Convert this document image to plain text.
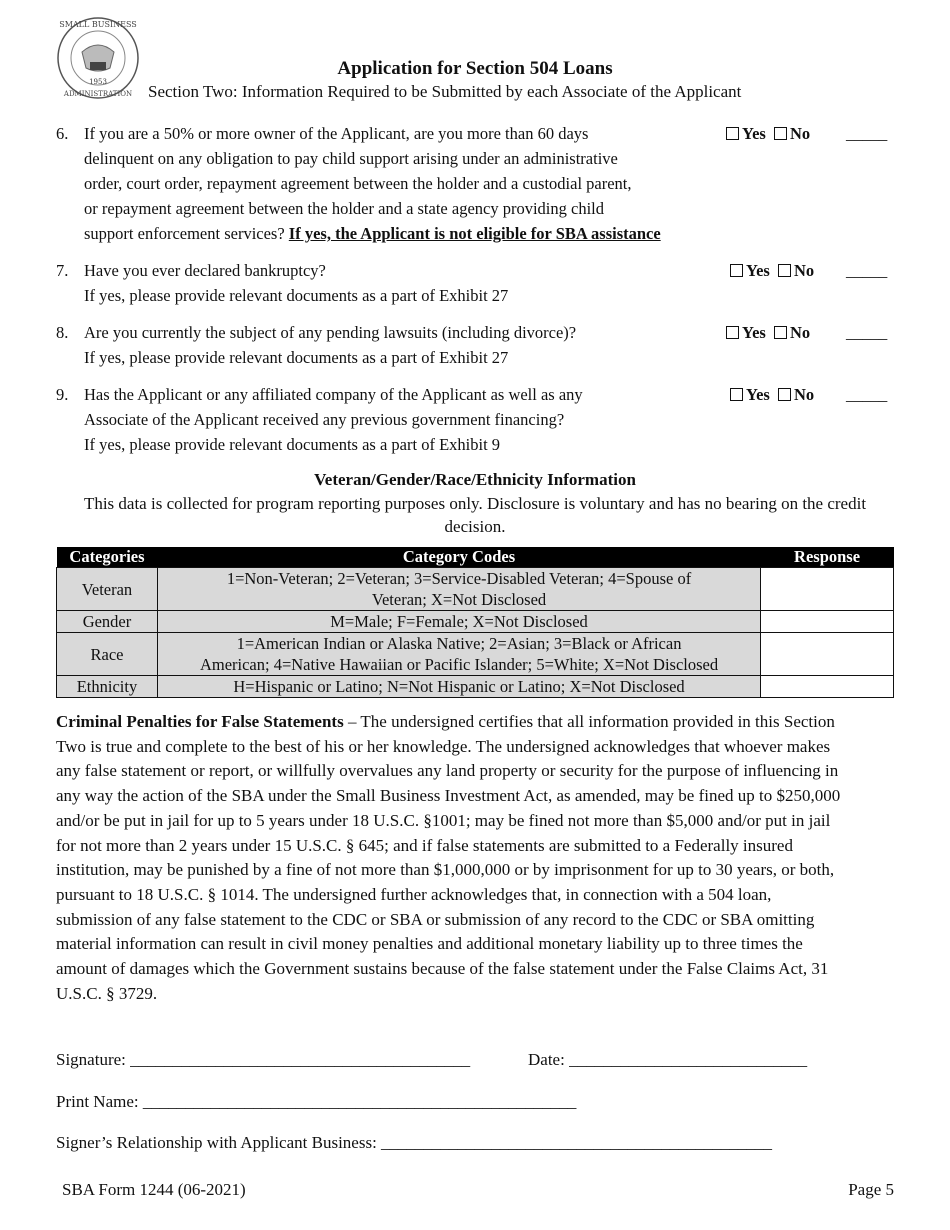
SMALL BUSINESS
ADMINISTRATION
1953
Application for Section 504 Loans
Section Two: Information Required to be Submitted by each Associate of the Applicant
6. If you are a 50% or more owner of the Applicant, are you more than 60 days
delinquent on any obligation to pay child support arising under an administrative
order, court order, repayment agreement between the holder and a custodial parent,
or repayment agreement between the holder and a state agency providing child
support enforcement services? If yes, the Applicant is not eligible for SBA assistance
Yes No _____
7. Have you ever declared bankruptcy?
If yes, please provide relevant documents as a part of Exhibit 27
Yes No _____
8. Are you currently the subject of any pending lawsuits (including divorce)?
If yes, please provide relevant documents as a part of Exhibit 27
Yes No _____
9. Has the Applicant or any affiliated company of the Applicant as well as any
Associate of the Applicant received any previous government financing?
If yes, please provide relevant documents as a part of Exhibit 9
Yes No _____
Veteran/Gender/Race/Ethnicity Information
This data is collected for program reporting purposes only. Disclosure is voluntary and has no bearing on the credit decision.
Categories	Category Codes	Response
Veteran	1=Non-Veteran; 2=Veteran; 3=Service-Disabled Veteran; 4=Spouse of
Veteran; X=Not Disclosed	

Gender	M=Male; F=Female; X=Not Disclosed	

Race	1=American Indian or Alaska Native; 2=Asian; 3=Black or African
American; 4=Native Hawaiian or Pacific Islander; 5=White; X=Not Disclosed	

Ethnicity	H=Hispanic or Latino; N=Not Hispanic or Latino; X=Not Disclosed	

Criminal Penalties for False Statements – The undersigned certifies that all information provided in this Section Two is true and complete to the best of his or her knowledge. The undersigned acknowledges that whoever makes any false statement or report, or willfully overvalues any land property or security for the purpose of influencing in any way the action of the SBA under the Small Business Investment Act, as amended, may be fined up to $250,000 and/or be put in jail for up to 5 years under 18 U.S.C. §1001; may be fined not more than $5,000 and/or put in jail for not more than 2 years under 15 U.S.C. § 645; and if false statements are submitted to a Federally insured institution, may be punished by a fine of not more than $1,000,000 or by imprisonment for up to 30 years, or both, pursuant to 18 U.S.C. § 1014. The undersigned further acknowledges that, in connection with a 504 loan, submission of any false statement to the CDC or SBA or submission of any record to the CDC or SBA omitting material information can result in civil money penalties and additional monetary liability up to three times the amount of damages which the Government sustains because of the false statement under the False Claims Act, 31 U.S.C. § 3729.
Signature: ________________________________________	Date: ____________________________
Print Name: ___________________________________________________
Signer’s Relationship with Applicant Business: ______________________________________________
SBA Form 1244 (06-2021)	Page 5
